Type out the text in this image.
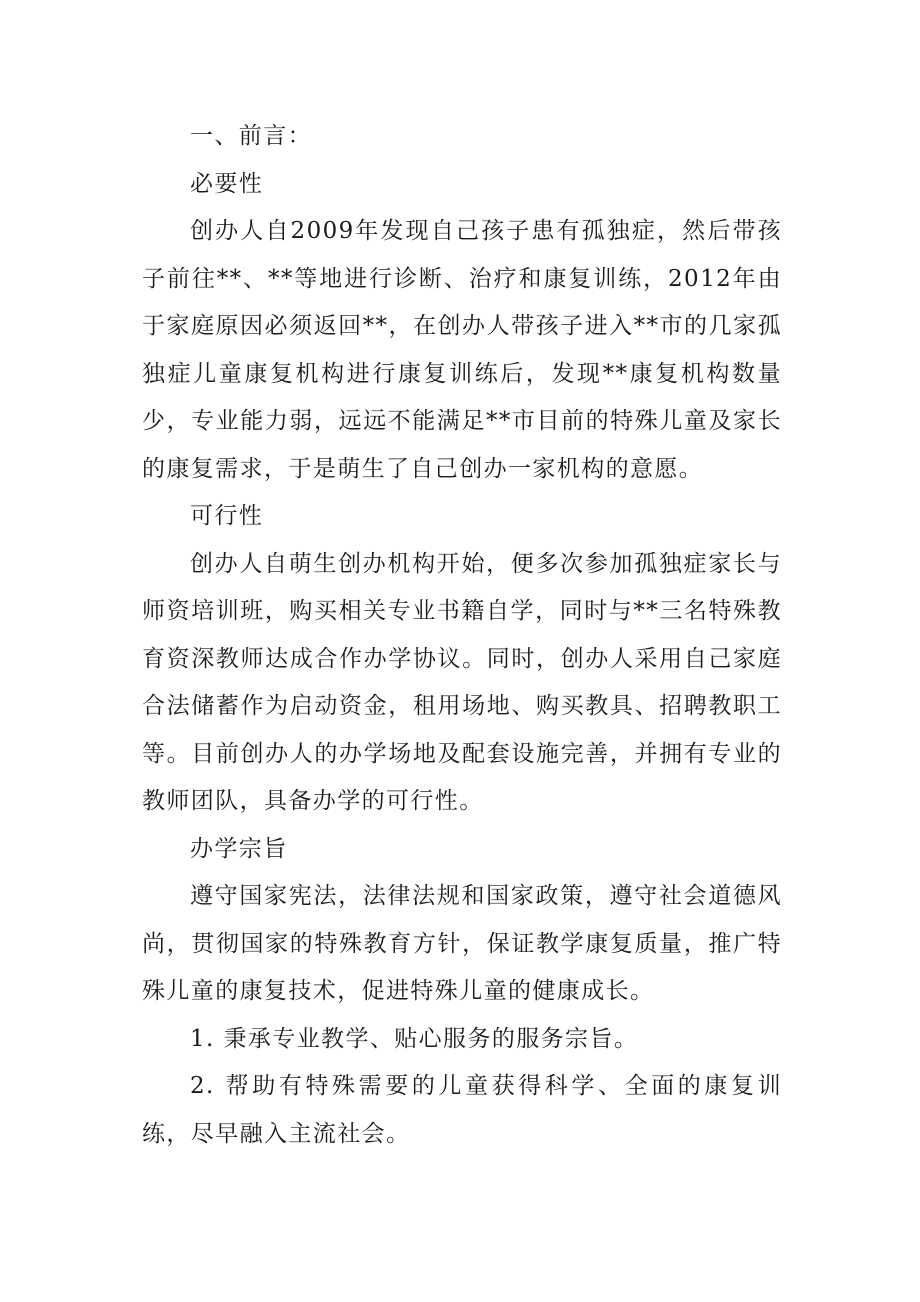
一、前言：

必要性

创办人自2009年发现自己孩子患有孤独症，然后带孩子前往**、**等地进行诊断、治疗和康复训练，2012年由于家庭原因必须返回**，在创办人带孩子进入**市的几家孤独症儿童康复机构进行康复训练后，发现**康复机构数量少，专业能力弱，远远不能满足**市目前的特殊儿童及家长的康复需求，于是萌生了自己创办一家机构的意愿。

可行性

创办人自萌生创办机构开始，便多次参加孤独症家长与师资培训班，购买相关专业书籍自学，同时与**三名特殊教育资深教师达成合作办学协议。同时，创办人采用自己家庭合法储蓄作为启动资金，租用场地、购买教具、招聘教职工等。目前创办人的办学场地及配套设施完善，并拥有专业的教师团队，具备办学的可行性。

办学宗旨

遵守国家宪法，法律法规和国家政策，遵守社会道德风尚，贯彻国家的特殊教育方针，保证教学康复质量，推广特殊儿童的康复技术，促进特殊儿童的健康成长。

1. 秉承专业教学、贴心服务的服务宗旨。

2. 帮助有特殊需要的儿童获得科学、全面的康复训练，尽早融入主流社会。
